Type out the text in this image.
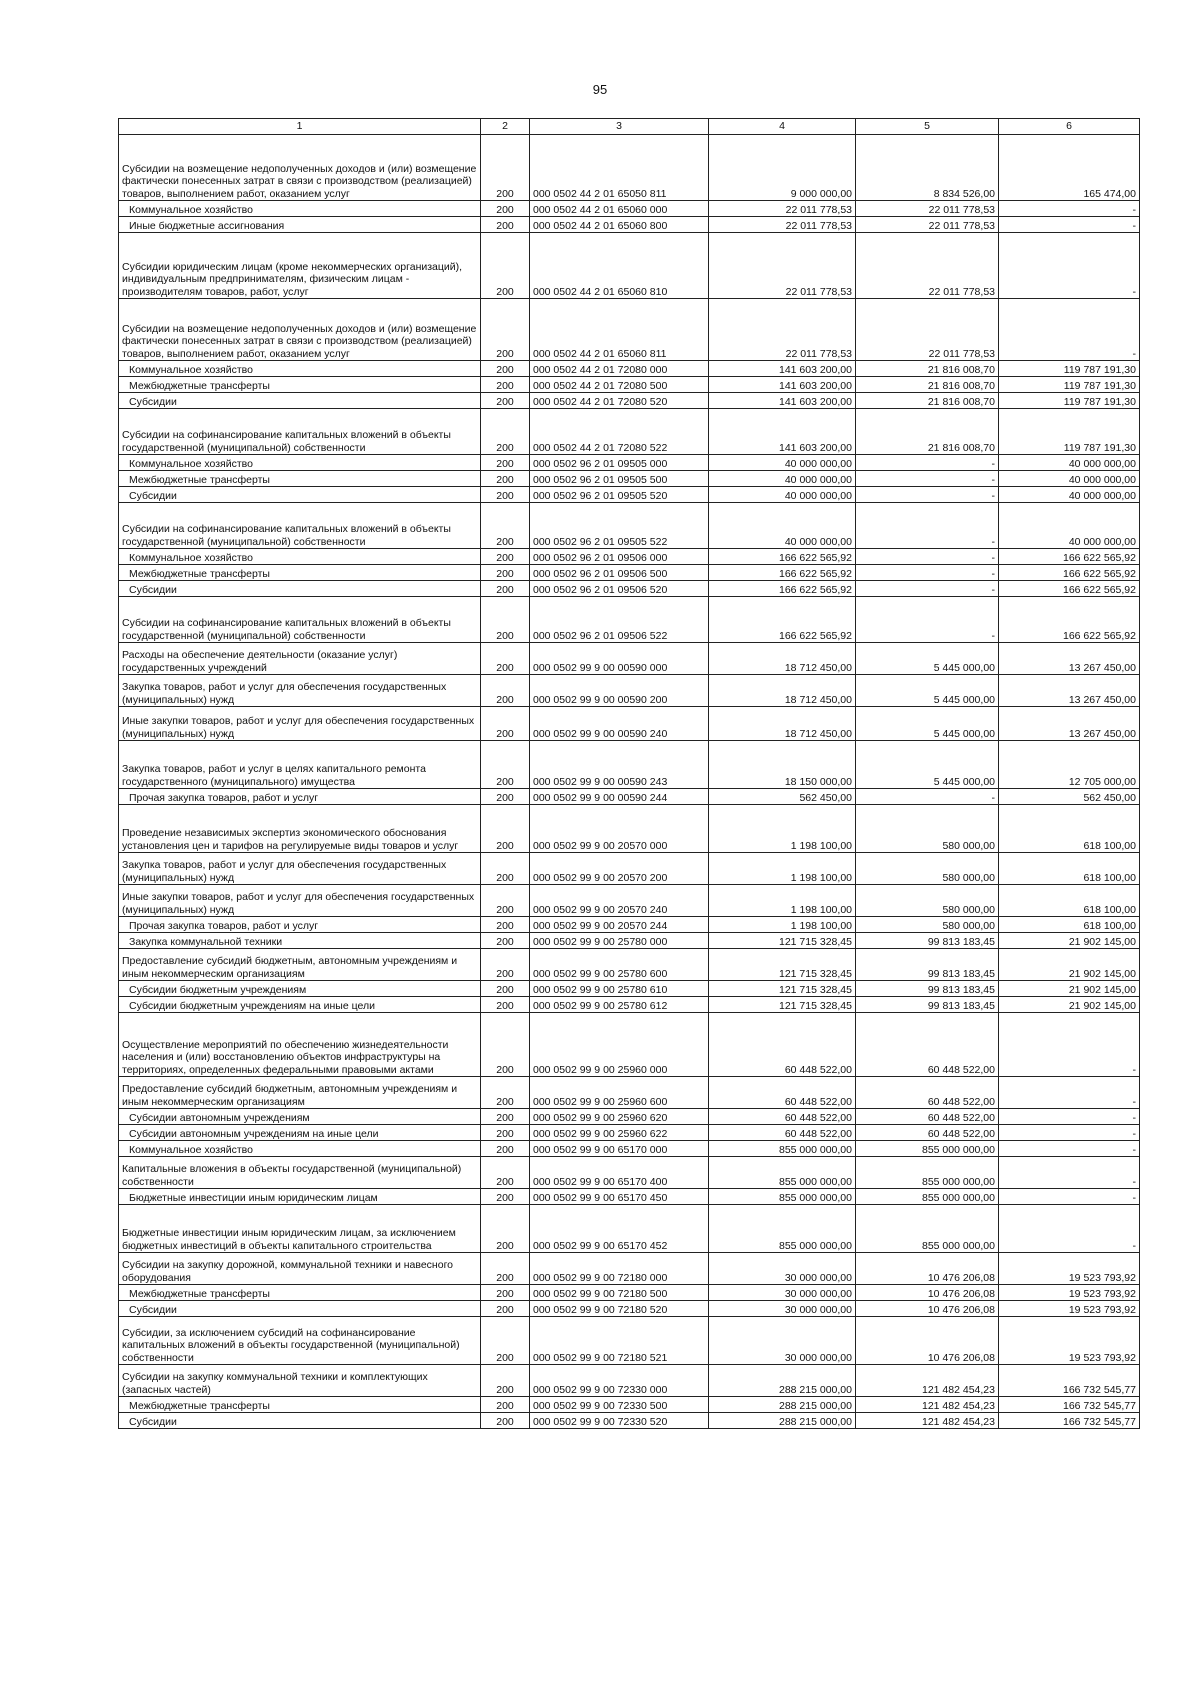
95
1	2	3	4	5	6
Субсидии на возмещение недополученных доходов и (или) возмещение фактически понесенных затрат в связи с производством (реализацией) товаров, выполнением работ, оказанием услуг	200	000 0502 44 2 01 65050 811	9 000 000,00	8 834 526,00	165 474,00
Коммунальное хозяйство	200	000 0502 44 2 01 65060 000	22 011 778,53	22 011 778,53	-
Иные бюджетные ассигнования	200	000 0502 44 2 01 65060 800	22 011 778,53	22 011 778,53	-
Субсидии юридическим лицам (кроме некоммерческих организаций), индивидуальным предпринимателям, физическим лицам - производителям товаров, работ, услуг	200	000 0502 44 2 01 65060 810	22 011 778,53	22 011 778,53	-
Субсидии на возмещение недополученных доходов и (или) возмещение фактически понесенных затрат в связи с производством (реализацией) товаров, выполнением работ, оказанием услуг	200	000 0502 44 2 01 65060 811	22 011 778,53	22 011 778,53	-
Коммунальное хозяйство	200	000 0502 44 2 01 72080 000	141 603 200,00	21 816 008,70	119 787 191,30
Межбюджетные трансферты	200	000 0502 44 2 01 72080 500	141 603 200,00	21 816 008,70	119 787 191,30
Субсидии	200	000 0502 44 2 01 72080 520	141 603 200,00	21 816 008,70	119 787 191,30
Субсидии на софинансирование капитальных вложений в объекты государственной (муниципальной) собственности	200	000 0502 44 2 01 72080 522	141 603 200,00	21 816 008,70	119 787 191,30
Коммунальное хозяйство	200	000 0502 96 2 01 09505 000	40 000 000,00	-	40 000 000,00
Межбюджетные трансферты	200	000 0502 96 2 01 09505 500	40 000 000,00	-	40 000 000,00
Субсидии	200	000 0502 96 2 01 09505 520	40 000 000,00	-	40 000 000,00
Субсидии на софинансирование капитальных вложений в объекты государственной (муниципальной) собственности	200	000 0502 96 2 01 09505 522	40 000 000,00	-	40 000 000,00
Коммунальное хозяйство	200	000 0502 96 2 01 09506 000	166 622 565,92	-	166 622 565,92
Межбюджетные трансферты	200	000 0502 96 2 01 09506 500	166 622 565,92	-	166 622 565,92
Субсидии	200	000 0502 96 2 01 09506 520	166 622 565,92	-	166 622 565,92
Субсидии на софинансирование капитальных вложений в объекты государственной (муниципальной) собственности	200	000 0502 96 2 01 09506 522	166 622 565,92	-	166 622 565,92
Расходы на обеспечение деятельности (оказание услуг) государственных учреждений	200	000 0502 99 9 00 00590 000	18 712 450,00	5 445 000,00	13 267 450,00
Закупка товаров, работ и услуг для обеспечения государственных (муниципальных) нужд	200	000 0502 99 9 00 00590 200	18 712 450,00	5 445 000,00	13 267 450,00
Иные закупки товаров, работ и услуг для обеспечения государственных (муниципальных) нужд	200	000 0502 99 9 00 00590 240	18 712 450,00	5 445 000,00	13 267 450,00
Закупка товаров, работ и услуг в целях капитального ремонта государственного (муниципального) имущества	200	000 0502 99 9 00 00590 243	18 150 000,00	5 445 000,00	12 705 000,00
Прочая закупка товаров, работ и услуг	200	000 0502 99 9 00 00590 244	562 450,00	-	562 450,00
Проведение независимых экспертиз экономического обоснования установления цен и тарифов на регулируемые виды товаров и услуг	200	000 0502 99 9 00 20570 000	1 198 100,00	580 000,00	618 100,00
Закупка товаров, работ и услуг для обеспечения государственных (муниципальных) нужд	200	000 0502 99 9 00 20570 200	1 198 100,00	580 000,00	618 100,00
Иные закупки товаров, работ и услуг для обеспечения государственных (муниципальных) нужд	200	000 0502 99 9 00 20570 240	1 198 100,00	580 000,00	618 100,00
Прочая закупка товаров, работ и услуг	200	000 0502 99 9 00 20570 244	1 198 100,00	580 000,00	618 100,00
Закупка коммунальной техники	200	000 0502 99 9 00 25780 000	121 715 328,45	99 813 183,45	21 902 145,00
Предоставление субсидий бюджетным, автономным учреждениям и иным некоммерческим организациям	200	000 0502 99 9 00 25780 600	121 715 328,45	99 813 183,45	21 902 145,00
Субсидии бюджетным учреждениям	200	000 0502 99 9 00 25780 610	121 715 328,45	99 813 183,45	21 902 145,00
Субсидии бюджетным учреждениям на иные цели	200	000 0502 99 9 00 25780 612	121 715 328,45	99 813 183,45	21 902 145,00
Осуществление мероприятий по обеспечению жизнедеятельности населения и (или) восстановлению объектов инфраструктуры на территориях, определенных федеральными правовыми актами	200	000 0502 99 9 00 25960 000	60 448 522,00	60 448 522,00	-
Предоставление субсидий бюджетным, автономным учреждениям и иным некоммерческим организациям	200	000 0502 99 9 00 25960 600	60 448 522,00	60 448 522,00	-
Субсидии автономным учреждениям	200	000 0502 99 9 00 25960 620	60 448 522,00	60 448 522,00	-
Субсидии автономным учреждениям на иные цели	200	000 0502 99 9 00 25960 622	60 448 522,00	60 448 522,00	-
Коммунальное хозяйство	200	000 0502 99 9 00 65170 000	855 000 000,00	855 000 000,00	-
Капитальные вложения в объекты государственной (муниципальной) собственности	200	000 0502 99 9 00 65170 400	855 000 000,00	855 000 000,00	-
Бюджетные инвестиции иным юридическим лицам	200	000 0502 99 9 00 65170 450	855 000 000,00	855 000 000,00	-
Бюджетные инвестиции иным юридическим лицам, за исключением бюджетных инвестиций в объекты капитального строительства	200	000 0502 99 9 00 65170 452	855 000 000,00	855 000 000,00	-
Субсидии на закупку дорожной, коммунальной техники и навесного оборудования	200	000 0502 99 9 00 72180 000	30 000 000,00	10 476 206,08	19 523 793,92
Межбюджетные трансферты	200	000 0502 99 9 00 72180 500	30 000 000,00	10 476 206,08	19 523 793,92
Субсидии	200	000 0502 99 9 00 72180 520	30 000 000,00	10 476 206,08	19 523 793,92
Субсидии, за исключением субсидий на софинансирование капитальных вложений в объекты государственной (муниципальной) собственности	200	000 0502 99 9 00 72180 521	30 000 000,00	10 476 206,08	19 523 793,92
Субсидии на закупку коммунальной техники и комплектующих (запасных частей)	200	000 0502 99 9 00 72330 000	288 215 000,00	121 482 454,23	166 732 545,77
Межбюджетные трансферты	200	000 0502 99 9 00 72330 500	288 215 000,00	121 482 454,23	166 732 545,77
Субсидии	200	000 0502 99 9 00 72330 520	288 215 000,00	121 482 454,23	166 732 545,77
